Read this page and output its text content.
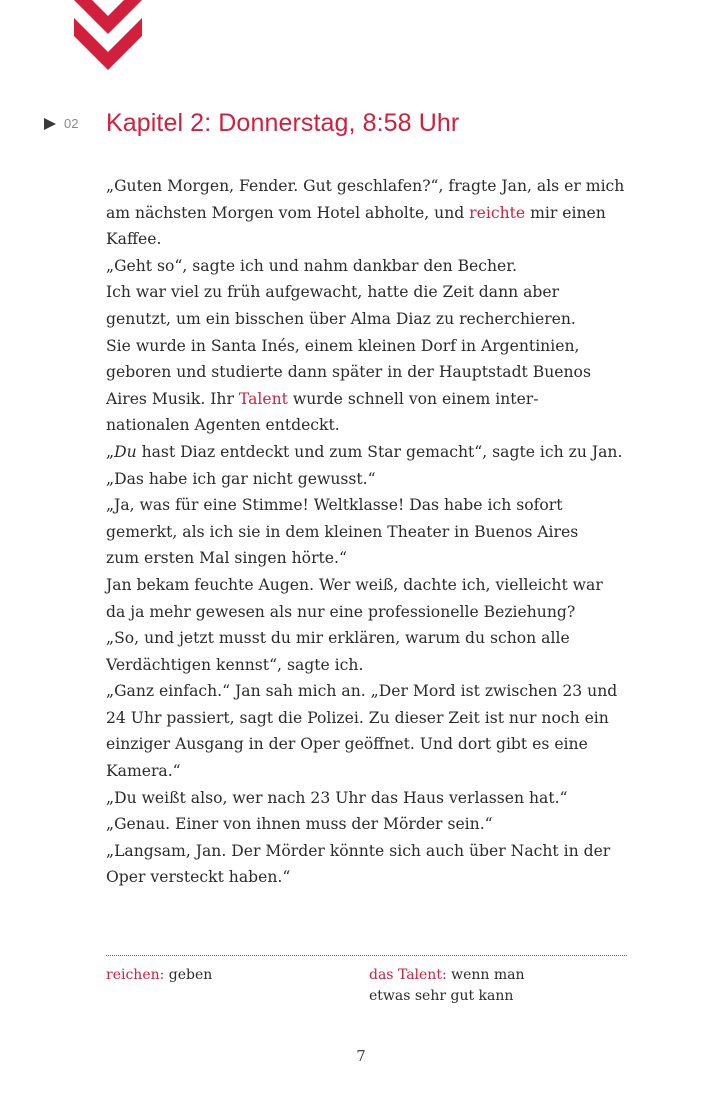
02 Kapitel 2: Donnerstag, 8:58 Uhr
„Guten Morgen, Fender. Gut geschlafen?“, fragte Jan, als er mich
am nächsten Morgen vom Hotel abholte, und reichte mir einen
Kaffee.
„Geht so“, sagte ich und nahm dankbar den Becher.
Ich war viel zu früh aufgewacht, hatte die Zeit dann aber
genutzt, um ein bisschen über Alma Diaz zu recherchieren.
Sie wurde in Santa Inés, einem kleinen Dorf in Argentinien,
geboren und studierte dann später in der Hauptstadt Buenos
Aires Musik. Ihr Talent wurde schnell von einem inter-
nationalen Agenten entdeckt.
„Du hast Diaz entdeckt und zum Star gemacht“, sagte ich zu Jan.
„Das habe ich gar nicht gewusst.“
„Ja, was für eine Stimme! Weltklasse! Das habe ich sofort
gemerkt, als ich sie in dem kleinen Theater in Buenos Aires
zum ersten Mal singen hörte.“
Jan bekam feuchte Augen. Wer weiß, dachte ich, vielleicht war
da ja mehr gewesen als nur eine professionelle Beziehung?
„So, und jetzt musst du mir erklären, warum du schon alle
Verdächtigen kennst“, sagte ich.
„Ganz einfach.“ Jan sah mich an. „Der Mord ist zwischen 23 und
24 Uhr passiert, sagt die Polizei. Zu dieser Zeit ist nur noch ein
einziger Ausgang in der Oper geöffnet. Und dort gibt es eine
Kamera.“
„Du weißt also, wer nach 23 Uhr das Haus verlassen hat.“
„Genau. Einer von ihnen muss der Mörder sein.“
„Langsam, Jan. Der Mörder könnte sich auch über Nacht in der
Oper versteckt haben.“
reichen: geben	das Talent: wenn man
etwas sehr gut kann
7
